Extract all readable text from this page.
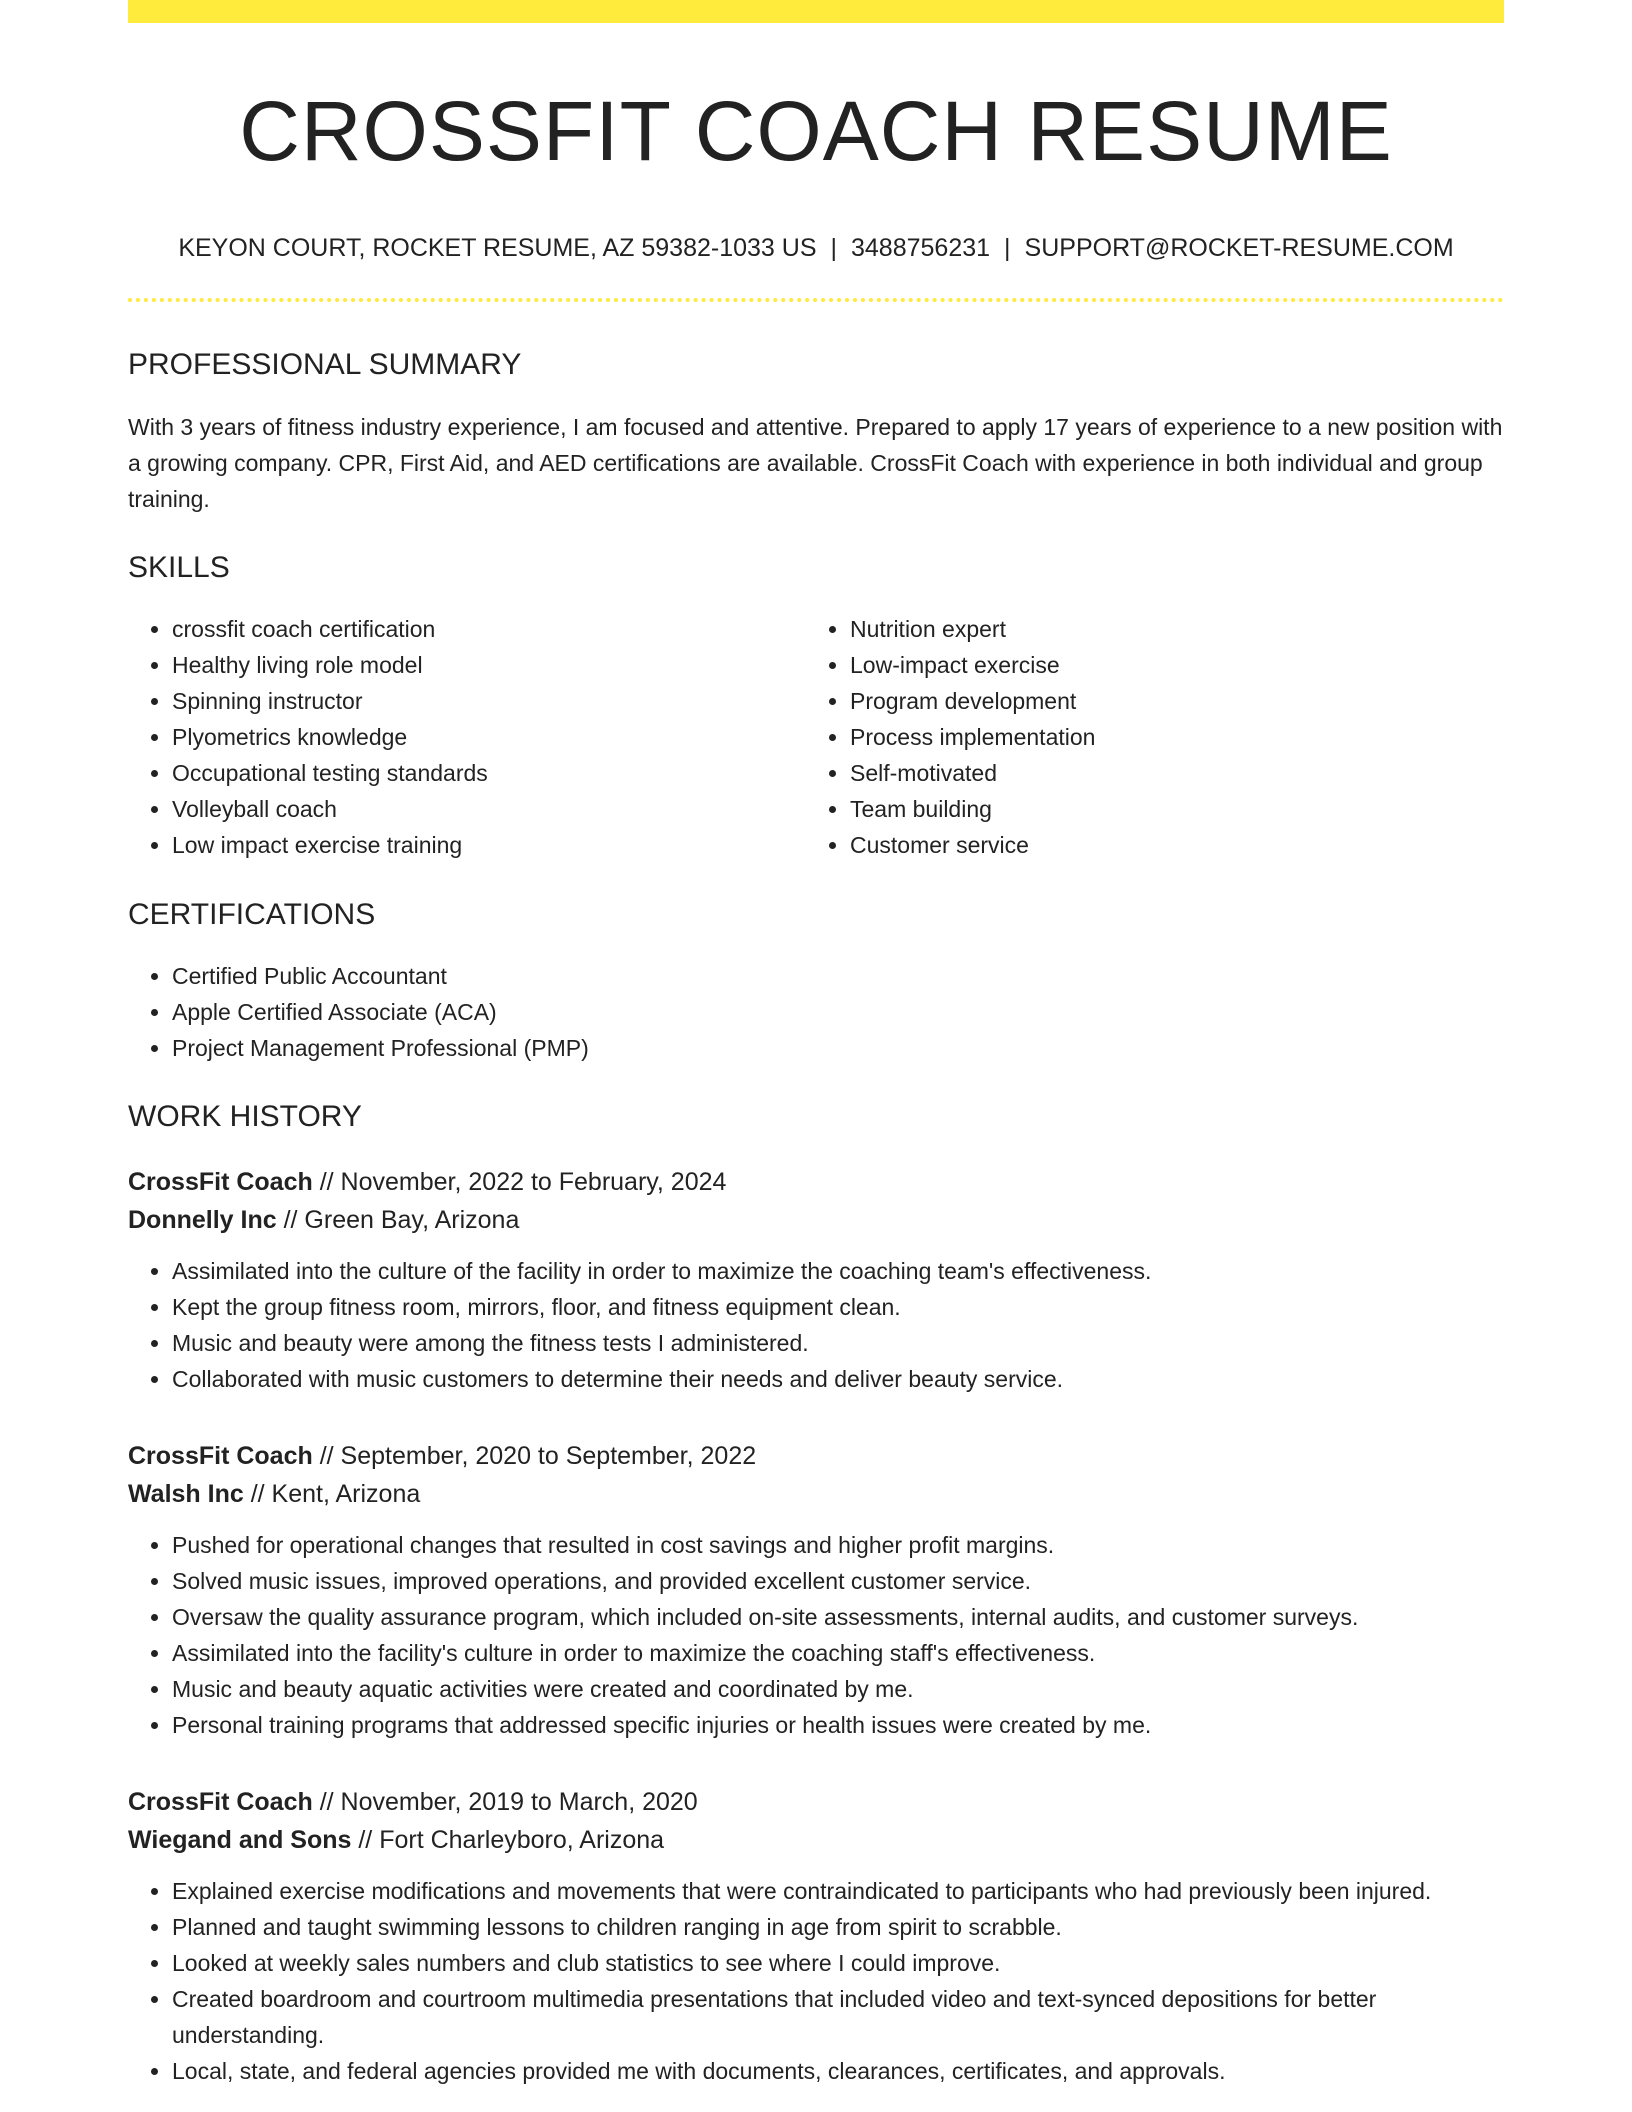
CROSSFIT COACH RESUME
KEYON COURT, ROCKET RESUME, AZ 59382-1033 US | 3488756231 | SUPPORT@ROCKET-RESUME.COM
PROFESSIONAL SUMMARY
With 3 years of fitness industry experience, I am focused and attentive. Prepared to apply 17 years of experience to a new position with a growing company. CPR, First Aid, and AED certifications are available. CrossFit Coach with experience in both individual and group training.
SKILLS
• crossfit coach certification
• Healthy living role model
• Spinning instructor
• Plyometrics knowledge
• Occupational testing standards
• Volleyball coach
• Low impact exercise training
• Nutrition expert
• Low-impact exercise
• Program development
• Process implementation
• Self-motivated
• Team building
• Customer service
CERTIFICATIONS
• Certified Public Accountant
• Apple Certified Associate (ACA)
• Project Management Professional (PMP)
WORK HISTORY
CrossFit Coach // November, 2022 to February, 2024
Donnelly Inc // Green Bay, Arizona
• Assimilated into the culture of the facility in order to maximize the coaching team's effectiveness.
• Kept the group fitness room, mirrors, floor, and fitness equipment clean.
• Music and beauty were among the fitness tests I administered.
• Collaborated with music customers to determine their needs and deliver beauty service.
CrossFit Coach // September, 2020 to September, 2022
Walsh Inc // Kent, Arizona
• Pushed for operational changes that resulted in cost savings and higher profit margins.
• Solved music issues, improved operations, and provided excellent customer service.
• Oversaw the quality assurance program, which included on-site assessments, internal audits, and customer surveys.
• Assimilated into the facility's culture in order to maximize the coaching staff's effectiveness.
• Music and beauty aquatic activities were created and coordinated by me.
• Personal training programs that addressed specific injuries or health issues were created by me.
CrossFit Coach // November, 2019 to March, 2020
Wiegand and Sons // Fort Charleyboro, Arizona
• Explained exercise modifications and movements that were contraindicated to participants who had previously been injured.
• Planned and taught swimming lessons to children ranging in age from spirit to scrabble.
• Looked at weekly sales numbers and club statistics to see where I could improve.
• Created boardroom and courtroom multimedia presentations that included video and text-synced depositions for better understanding.
• Local, state, and federal agencies provided me with documents, clearances, certificates, and approvals.
